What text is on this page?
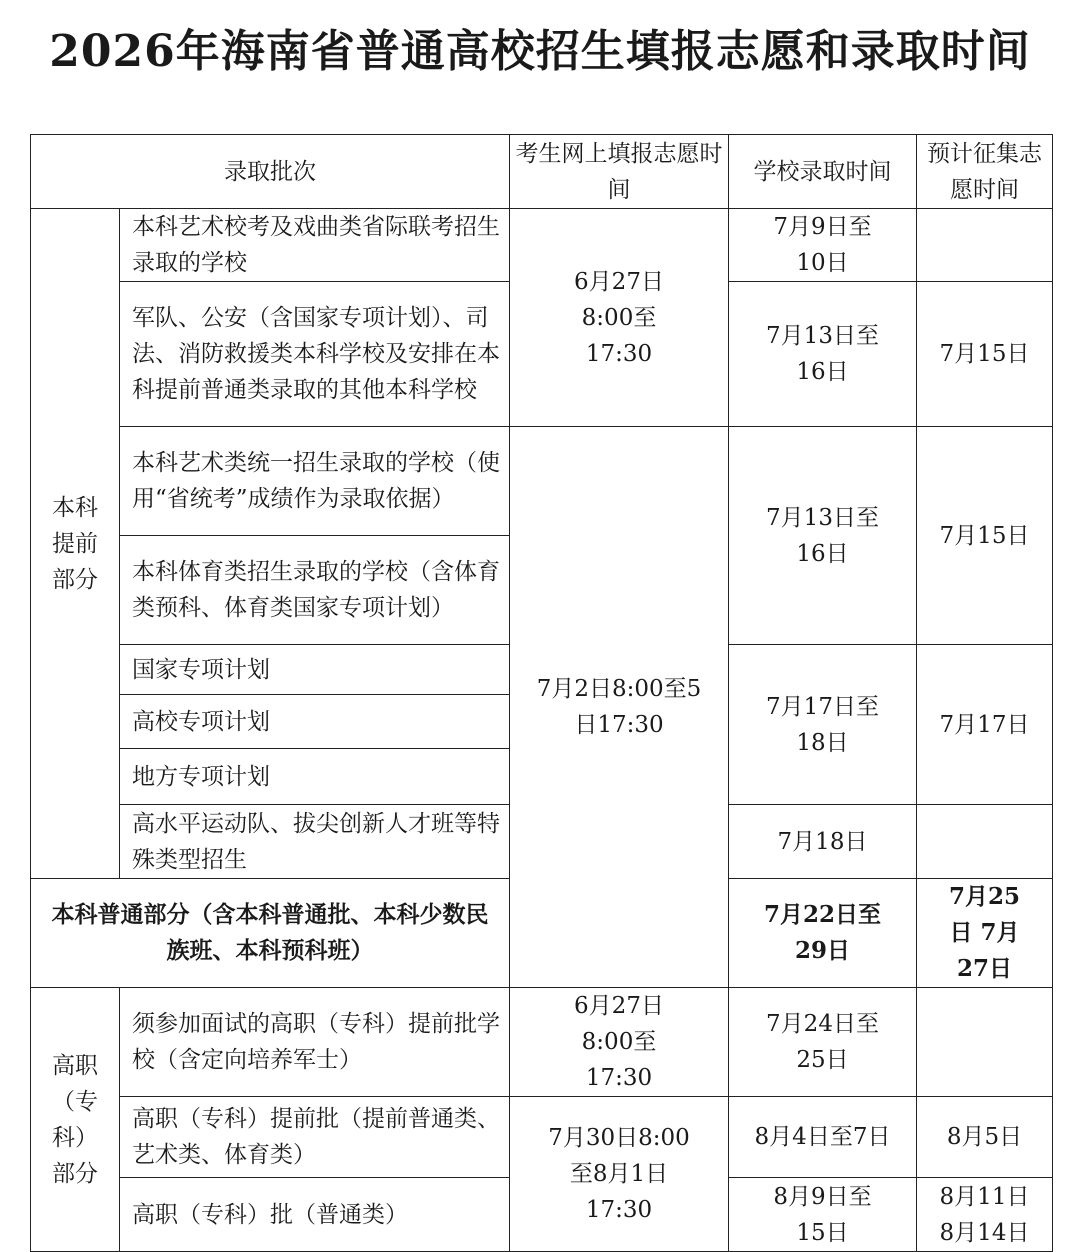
2026年海南省普通高校招生填报志愿和录取时间
录取批次		考生网上填报志愿时间	学校录取时间	预计征集志愿时间

本科提前部分	本科艺术校考及戏曲类省际联考招生录取的学校	6月27日8:00至17:30	7月9日至10日	

	军队、公安（含国家专项计划）、司法、消防救援类本科学校及安排在本科提前普通类录取的其他本科学校		7月13日至16日	7月15日
	本科艺术类统一招生录取的学校（使用“省统考”成绩作为录取依据）	7月2日8:00至5日17:30	7月13日至16日	7月15日
	本科体育类招生录取的学校（含体育类预科、体育类国家专项计划）			
	国家专项计划		7月17日至18日	7月17日
	高校专项计划			
	地方专项计划			
	高水平运动队、拔尖创新人才班等特殊类型招生		7月18日	

本科普通部分（含本科普通批、本科少数民族班、本科预科班）			7月22日至29日	7月25日 7月27日

高职（专科）部分	须参加面试的高职（专科）提前批学校（含定向培养军士）	6月27日8:00至17:30	7月24日至25日	

	高职（专科）提前批（提前普通类、艺术类、体育类）	7月30日8:00至8月1日17:30	8月4日至7日	8月5日
	高职（专科）批（普通类）		8月9日至15日	8月11日 8月14日
